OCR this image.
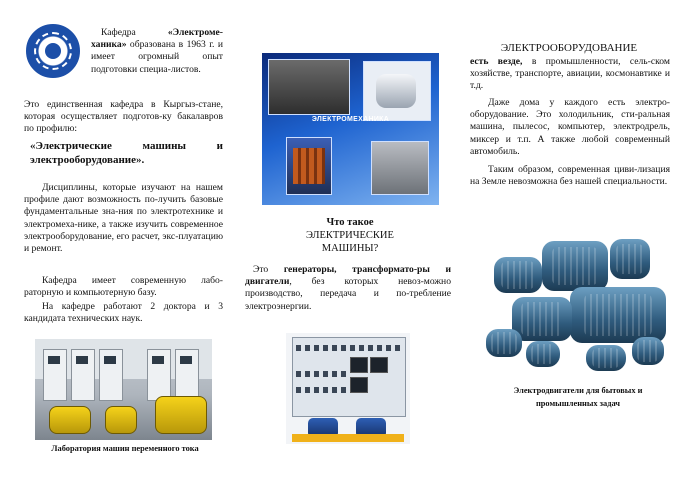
Кафедра «Электроме-ханика» образована в 1963 г. и имеет огромный опыт подготовки специа-листов.
Это единственная кафедра в Кыргыз-стане, которая осуществляет подготов-ку бакалавров по профилю:
«Электрические машины и электрооборудование».
Дисциплины, которые изучают на нашем профиле дают возможность по-лучить базовые фундаментальные зна-ния по электротехнике и электромеха-нике, а также изучить современное электрооборудование, его расчет, экс-плуатацию и ремонт.
Кафедра имеет современную лабо-раторную и компьютерную базу.
На кафедре работают 2 доктора и 3 кандидата технических наук.
Лаборатория машин переменного тока
ЭЛЕКТРОМЕХАНИКА
Что такое
ЭЛЕКТРИЧЕСКИЕ
МАШИНЫ?
Это генераторы, трансформато-ры и двигатели, без которых невоз-можно производство, передача и по-требление электроэнергии.
ЭЛЕКТРООБОРУДОВАНИЕ
есть везде, в промышленности, сель-ском хозяйстве, транспорте, авиации, космонавтике и т.д.
Даже дома у каждого есть электро-оборудование. Это холодильник, сти-ральная машина, пылесос, компьютер, электродрель, миксер и т.п. А также любой современный автомобиль.
Таким образом, современная циви-лизация на Земле невозможна без нашей специальности.
Электродвигатели для бытовых и
промышленных задач
